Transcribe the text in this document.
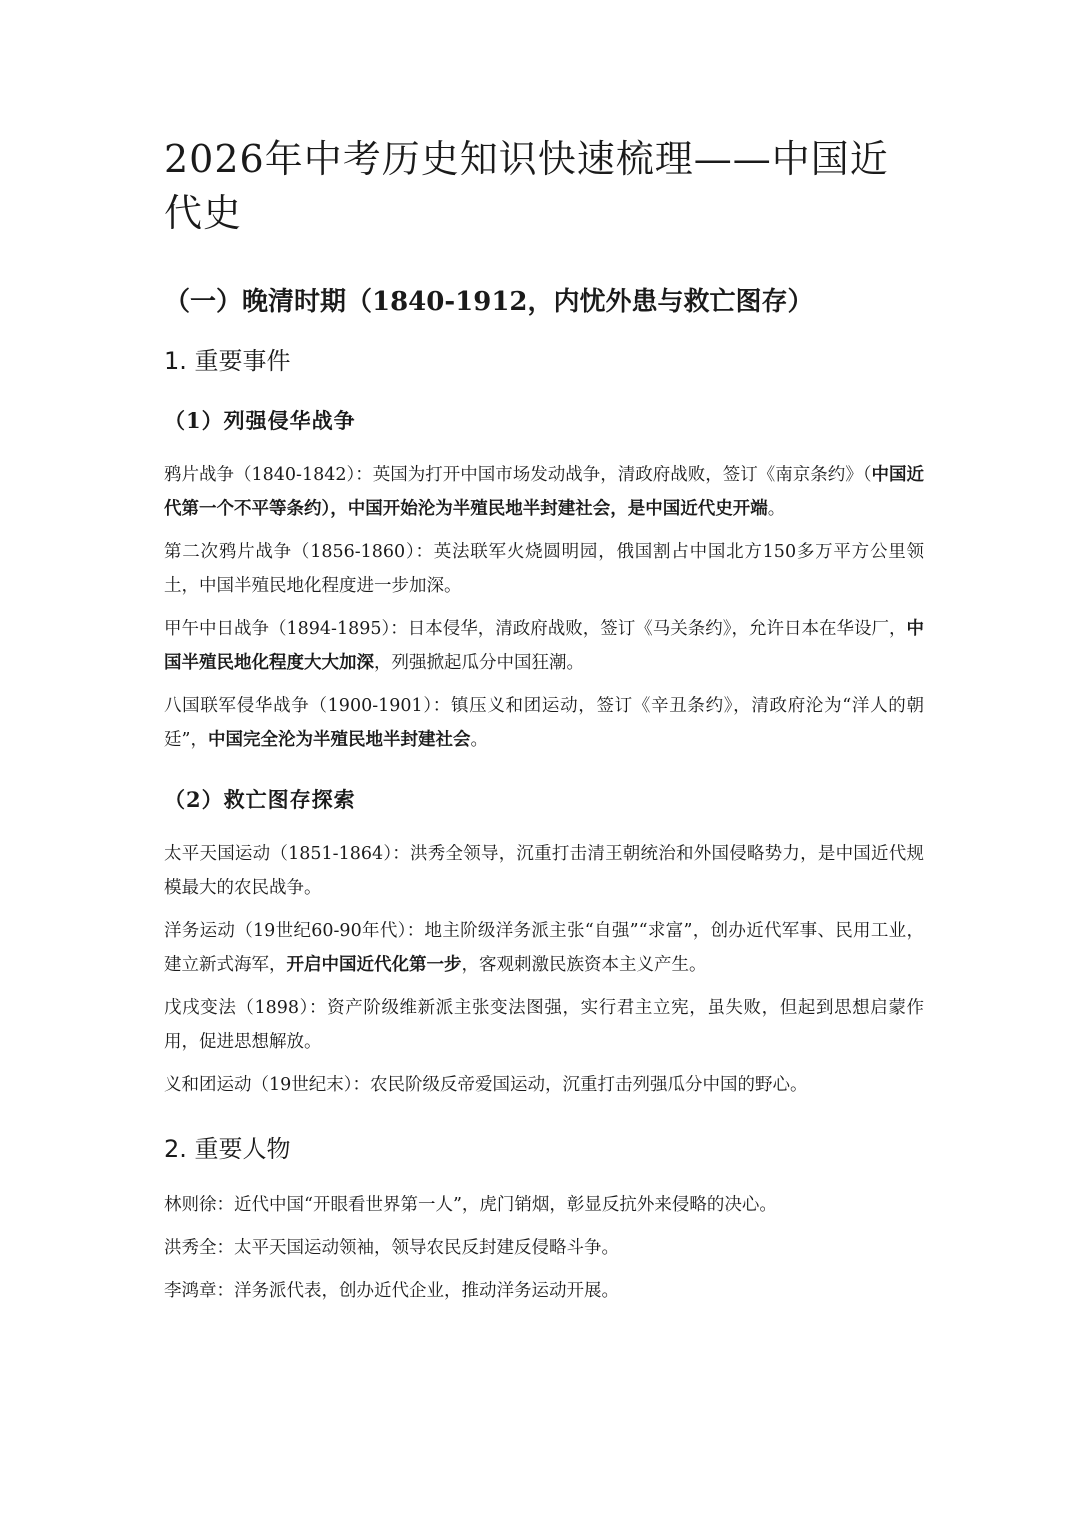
2026年中考历史知识快速梳理——中国近代史
（一）晚清时期（1840-1912，内忧外患与救亡图存）
1. 重要事件
（1）列强侵华战争

鸦片战争（1840-1842）：英国为打开中国市场发动战争，清政府战败，签订《南京条约》（中国近代第一个不平等条约），中国开始沦为半殖民地半封建社会，是中国近代史开端。

第二次鸦片战争（1856-1860）：英法联军火烧圆明园，俄国割占中国北方150多万平方公里领土，中国半殖民地化程度进一步加深。

甲午中日战争（1894-1895）：日本侵华，清政府战败，签订《马关条约》，允许日本在华设厂，中国半殖民地化程度大大加深，列强掀起瓜分中国狂潮。

八国联军侵华战争（1900-1901）：镇压义和团运动，签订《辛丑条约》，清政府沦为“洋人的朝廷”，中国完全沦为半殖民地半封建社会。

（2）救亡图存探索

太平天国运动（1851-1864）：洪秀全领导，沉重打击清王朝统治和外国侵略势力，是中国近代规模最大的农民战争。

洋务运动（19世纪60-90年代）：地主阶级洋务派主张“自强”“求富”，创办近代军事、民用工业，建立新式海军，开启中国近代化第一步，客观刺激民族资本主义产生。

戊戌变法（1898）：资产阶级维新派主张变法图强，实行君主立宪，虽失败，但起到思想启蒙作用，促进思想解放。

义和团运动（19世纪末）：农民阶级反帝爱国运动，沉重打击列强瓜分中国的野心。

2. 重要人物

林则徐：近代中国“开眼看世界第一人”，虎门销烟，彰显反抗外来侵略的决心。

洪秀全：太平天国运动领袖，领导农民反封建反侵略斗争。

李鸿章：洋务派代表，创办近代企业，推动洋务运动开展。
